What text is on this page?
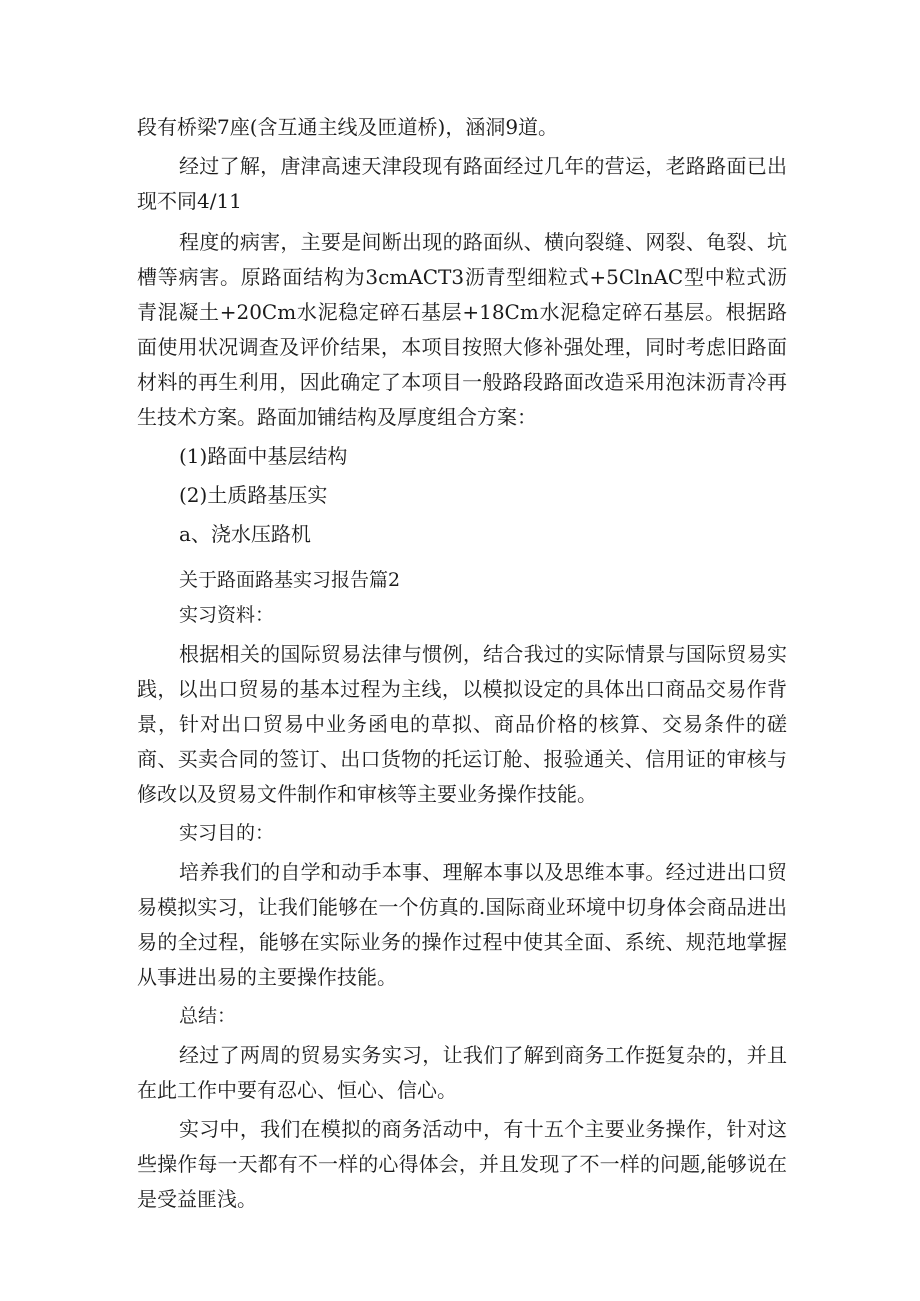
段有桥梁7座(含互通主线及匝道桥)，涵洞9道。

经过了解，唐津高速天津段现有路面经过几年的营运，老路路面已出现不同4/11

程度的病害，主要是间断出现的路面纵、横向裂缝、网裂、龟裂、坑槽等病害。原路面结构为3cmACT3沥青型细粒式+5ClnAC型中粒式沥青混凝土+20Cm水泥稳定碎石基层+18Cm水泥稳定碎石基层。根据路面使用状况调查及评价结果，本项目按照大修补强处理，同时考虑旧路面材料的再生利用，因此确定了本项目一般路段路面改造采用泡沫沥青冷再生技术方案。路面加铺结构及厚度组合方案：

(1)路面中基层结构

(2)土质路基压实

a、浇水压路机

关于路面路基实习报告篇2

实习资料：

根据相关的国际贸易法律与惯例，结合我过的实际情景与国际贸易实践，以出口贸易的基本过程为主线，以模拟设定的具体出口商品交易作背景，针对出口贸易中业务函电的草拟、商品价格的核算、交易条件的磋商、买卖合同的签订、出口货物的托运订舱、报验通关、信用证的审核与修改以及贸易文件制作和审核等主要业务操作技能。

实习目的：

培养我们的自学和动手本事、理解本事以及思维本事。经过进出口贸易模拟实习，让我们能够在一个仿真的.国际商业环境中切身体会商品进出易的全过程，能够在实际业务的操作过程中使其全面、系统、规范地掌握从事进出易的主要操作技能。

总结：

经过了两周的贸易实务实习，让我们了解到商务工作挺复杂的，并且在此工作中要有忍心、恒心、信心。

实习中，我们在模拟的商务活动中，有十五个主要业务操作，针对这些操作每一天都有不一样的心得体会，并且发现了不一样的问题,能够说在是受益匪浅。
